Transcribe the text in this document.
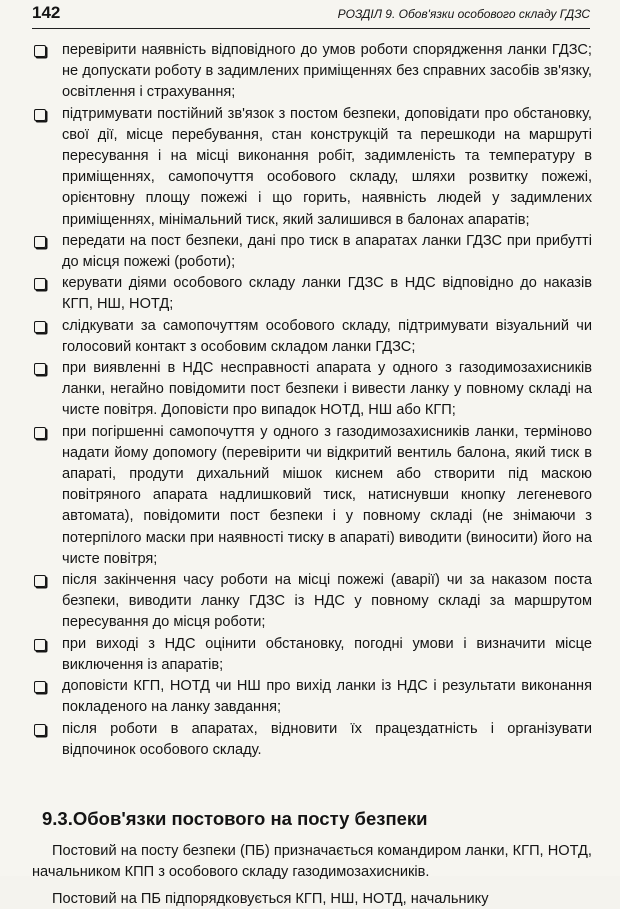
142	РОЗДІЛ 9. Обов'язки особового складу ГДЗС
перевірити наявність відповідного до умов роботи спорядження ланки ГДЗС; не допускати роботу в задимлених приміщеннях без справних засобів зв'язку, освітлення і страхування;
підтримувати постійний зв'язок з постом безпеки, доповідати про обстановку, свої дії, місце перебування, стан конструкцій та перешкоди на маршруті пересування і на місці виконання робіт, задимленість та температуру в приміщеннях, самопочуття особового складу, шляхи розвитку пожежі, орієнтовну площу пожежі і що горить, наявність людей у задимлених приміщеннях, мінімальний тиск, який залишився в балонах апаратів;
передати на пост безпеки, дані про тиск в апаратах ланки ГДЗС при прибутті до місця пожежі (роботи);
керувати діями особового складу ланки ГДЗС в НДС відповідно до наказів КГП, НШ, НОТД;
слідкувати за самопочуттям особового складу, підтримувати візуальний чи голосовий контакт з особовим складом ланки ГДЗС;
при виявленні в НДС несправності апарата у одного з газодимозахисників ланки, негайно повідомити пост безпеки і вивести ланку у повному складі на чисте повітря. Доповісти про випадок НОТД, НШ або КГП;
при погіршенні самопочуття у одного з газодимозахисників ланки, терміново надати йому допомогу (перевірити чи відкритий вентиль балона, який тиск в апараті, продути дихальний мішок киснем або створити під маскою повітряного апарата надлишковий тиск, натиснувши кнопку легеневого автомата), повідомити пост безпеки і у повному складі (не знімаючи з потерпілого маски при наявності тиску в апараті) виводити (виносити) його на чисте повітря;
після закінчення часу роботи на місці пожежі (аварії) чи за наказом поста безпеки, виводити ланку ГДЗС із НДС у повному складі за маршрутом пересування до місця роботи;
при виході з НДС оцінити обстановку, погодні умови і визначити місце виключення із апаратів;
доповісти КГП, НОТД чи НШ про вихід ланки із НДС і результати виконання покладеного на ланку завдання;
після роботи в апаратах, відновити їх працездатність і організувати відпочинок особового складу.
9.3.Обов'язки постового на посту безпеки

Постовий на посту безпеки (ПБ) призначається командиром ланки, КГП, НОТД, начальником КПП з особового складу газодимозахисників.

Постовий на ПБ підпорядковується КГП, НШ, НОТД, начальнику
